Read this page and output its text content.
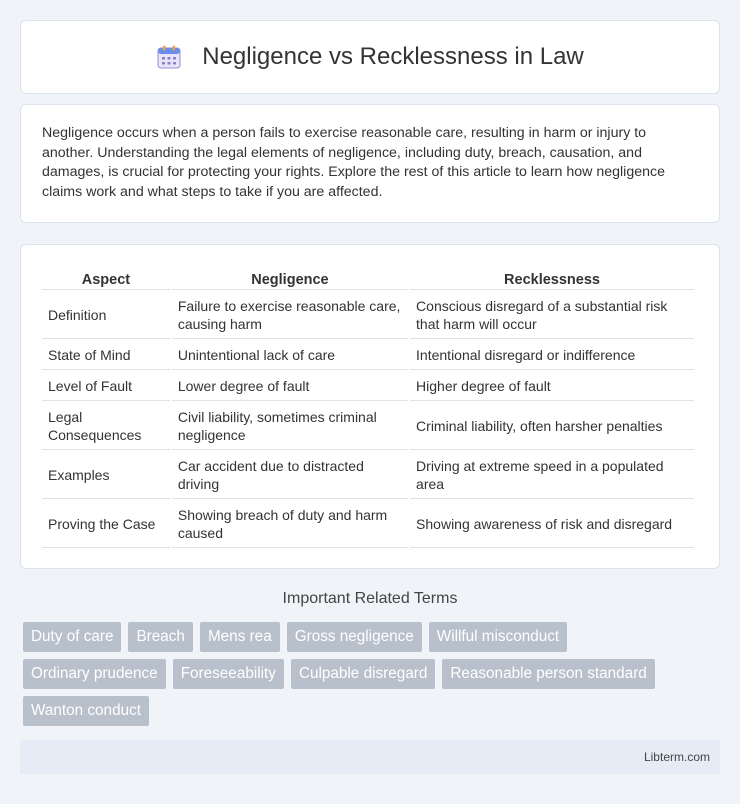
Negligence vs Recklessness in Law

Negligence occurs when a person fails to exercise reasonable care, resulting in harm or injury to another. Understanding the legal elements of negligence, including duty, breach, causation, and damages, is crucial for protecting your rights. Explore the rest of this article to learn how negligence claims work and what steps to take if you are affected.

Aspect	Negligence	Recklessness
Definition	Failure to exercise reasonable care, causing harm	Conscious disregard of a substantial risk that harm will occur
State of Mind	Unintentional lack of care	Intentional disregard or indifference
Level of Fault	Lower degree of fault	Higher degree of fault
Legal Consequences	Civil liability, sometimes criminal negligence	Criminal liability, often harsher penalties
Examples	Car accident due to distracted driving	Driving at extreme speed in a populated area
Proving the Case	Showing breach of duty and harm caused	Showing awareness of risk and disregard
Important Related Terms
Duty of care	Breach	Mens rea	Gross negligence	Willful misconduct
Ordinary prudence	Foreseeability	Culpable disregard	Reasonable person standard
Wanton conduct
Libterm.com
